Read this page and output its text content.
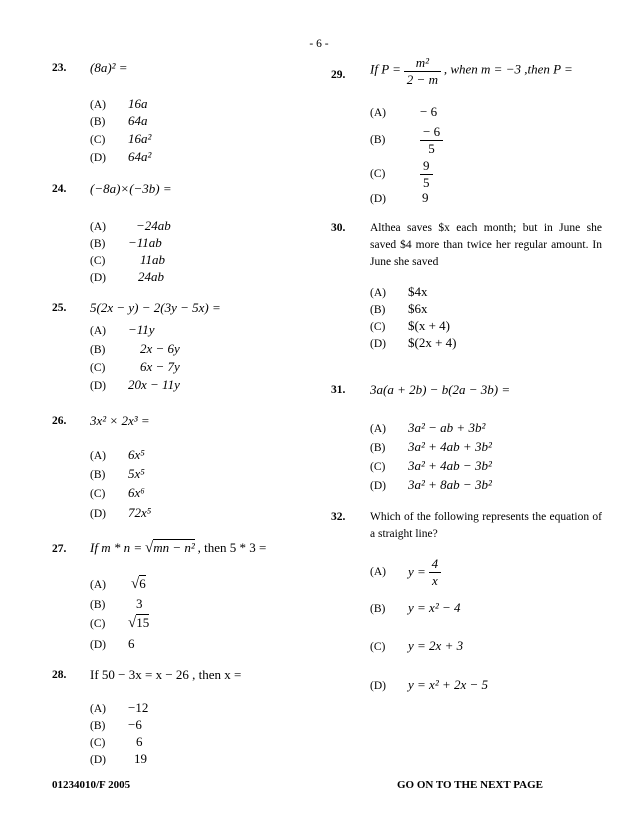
- 6 -
23. (8a)² =
(A) 16a
(B) 64a
(C) 16a²
(D) 64a²
24. (−8a)×(−3b) =
(A) −24ab
(B) −11ab
(C)	11ab
(D) 24ab
25. 5(2x − y) − 2(3y − 5x) =
(A) −11y
(B)	2x − 6y
(C)	6x − 7y
(D) 20x − 11y
26. 3x² × 2x³ =
(A) 6x⁵
(B) 5x⁵
(C) 6x⁶
(D) 72x⁵
27. If m * n = √mn − n² , then 5 * 3 =
(A) √6
(B) 3
(C) √15
(D) 6
28. If 50 − 3x = x − 26 , then x =
(A) −12
(B) −6
(C) 6
(D) 19
29. If $P = \frac{\text{m²}}{2 - m}$ , when m = −3 ,then P =
(A)	− 6
(B)	$\frac{- 6}{5}$
(C)	$\frac{9}{5}$
(D)	9
30. Althea saves $x each month; but in June she saved $4 more than twice her regular amount. In June she saved
(A) $4x
(B) $6x
(C) $(x + 4)
(D) $(2x + 4)
31. 3a(a + 2b) − b(2a − 3b) =
(A) 3a² − ab + 3b²
(B) 3a² + 4ab + 3b²
(C) 3a² + 4ab − 3b²
(D) 3a² + 8ab − 3b²
32. Which of the following represents the equation of a straight line?
(A) $y = \frac{4}{x}$
(B) y = x² − 4
(C) y = 2x + 3
(D) y = x² + 2x − 5
01234010/F 2005	GO ON TO THE NEXT PAGE
